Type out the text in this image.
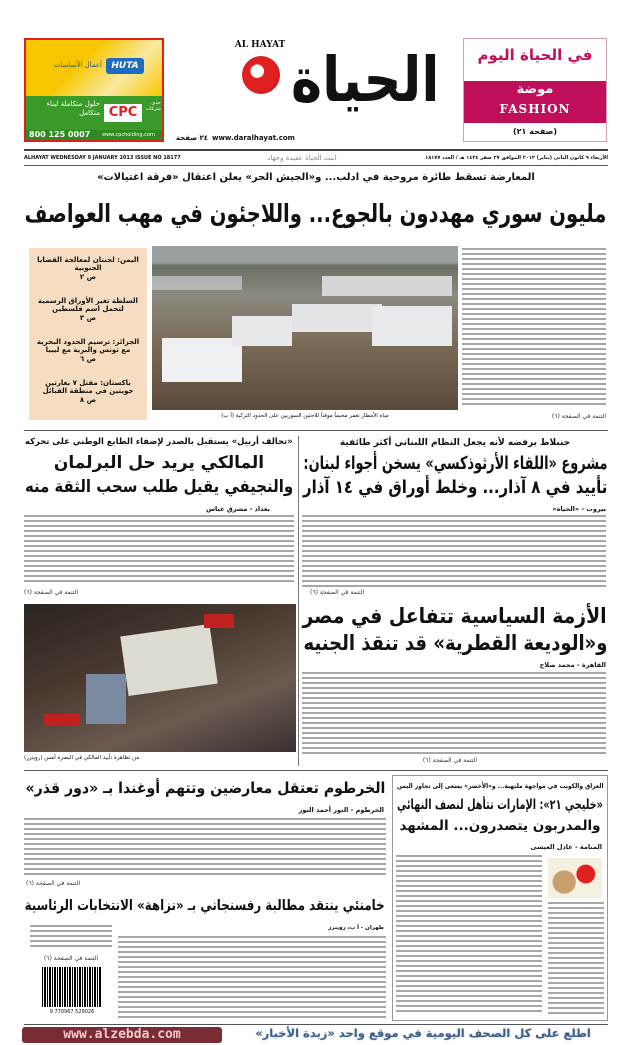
HUTA
أعمال الأساسات
CPC
حلول متكاملة لبناء متكامل
حدى شركات
800 125 0007	www.cpcholding.com
AL HAYAT الحياة
www.daralhayat.com
٢٤ صفحة
في الحياة اليوم
موضة
FASHION
(صفحة ٢١)
ALHAYAT WEDNESDAY 9 JANUARY 2013 ISSUE NO 18177	ابنت الحياة عقيدة وجهاد	الأربعاء ٩ كانون الثاني (يناير) ٢٠١٣ الموافق ٢٧ صفر ١٤٣٤ هـ / العدد ١٨١٧٧
المعارضة تسقط طائرة مروحية في ادلب... و«الجيش الحر» يعلن اعتقال «فرقة اغتيالات»
مليون سوري مهددون بالجوع... واللاجئون في مهب العواصف
اليمن: لجنتان لمعالجة القضايا الجنوبية
ص ٢
السلطة تغير الأوراق الرسمية لتحمل اسم فلسطين
ص ٣
الجزائر: ترسيم الحدود البحرية مع تونس والبرية مع ليبيا
ص ٦
باكستان: مقتل ٧ بغارتين جويتين في منطقة القبائل
ص ٨
مياه الأمطار تغمر مخيماً موقتاً للاجئين السوريين على الحدود التركية (أ ب)	التتمة في الصفحة (٦)
جنبلاط يرفضه لأنه يجعل النظام اللبناني أكثر طائفية
مشروع «اللقاء الأرثوذكسي» يسخن أجواء لبنان:
تأييد في ٨ آذار... وخلط أوراق في ١٤ آذار
بيروت - «الحياة»
التتمة في الصفحة (٦)
«تحالف أربيل» يستقبل بالصدر لإضفاء الطابع الوطني على تحركه
المالكي يريد حل البرلمان
والنجيفي يقبل طلب سحب الثقة منه
بغداد - مشرق عباس
التتمة في الصفحة (٦)
من تظاهرة تأييد المالكي في البصرة أمس (رويترز)
الأزمة السياسية تتفاعل في مصر
و«الوديعة القطرية» قد تنقذ الجنيه
القاهرة - محمد صلاح
التتمة في الصفحة (٦)
العراق والكويت في مواجهة ملتهبة... و«الأخضر» يسعى إلى تجاوز اليمن
«خليجي ٢١»: الإمارات تتأهل لنصف النهائي
والمدربون يتصدرون... المشهد
المنامة - عادل العيسى
الخرطوم تعتقل معارضين وتتهم أوغندا بـ «دور قذر»
الخرطوم - النور أحمد النور
التتمة في الصفحة (٦)
خامنئي ينتقد مطالبة رفسنجاني بـ «نزاهة» الانتخابات الرئاسية
طهران - أ ب، رويترز
التتمة في الصفحة (٦)
9 770967 529026
www.alzebda.com	اطلع على كل الصحف اليومية في موقع واحد «زبدة الأخبار»
